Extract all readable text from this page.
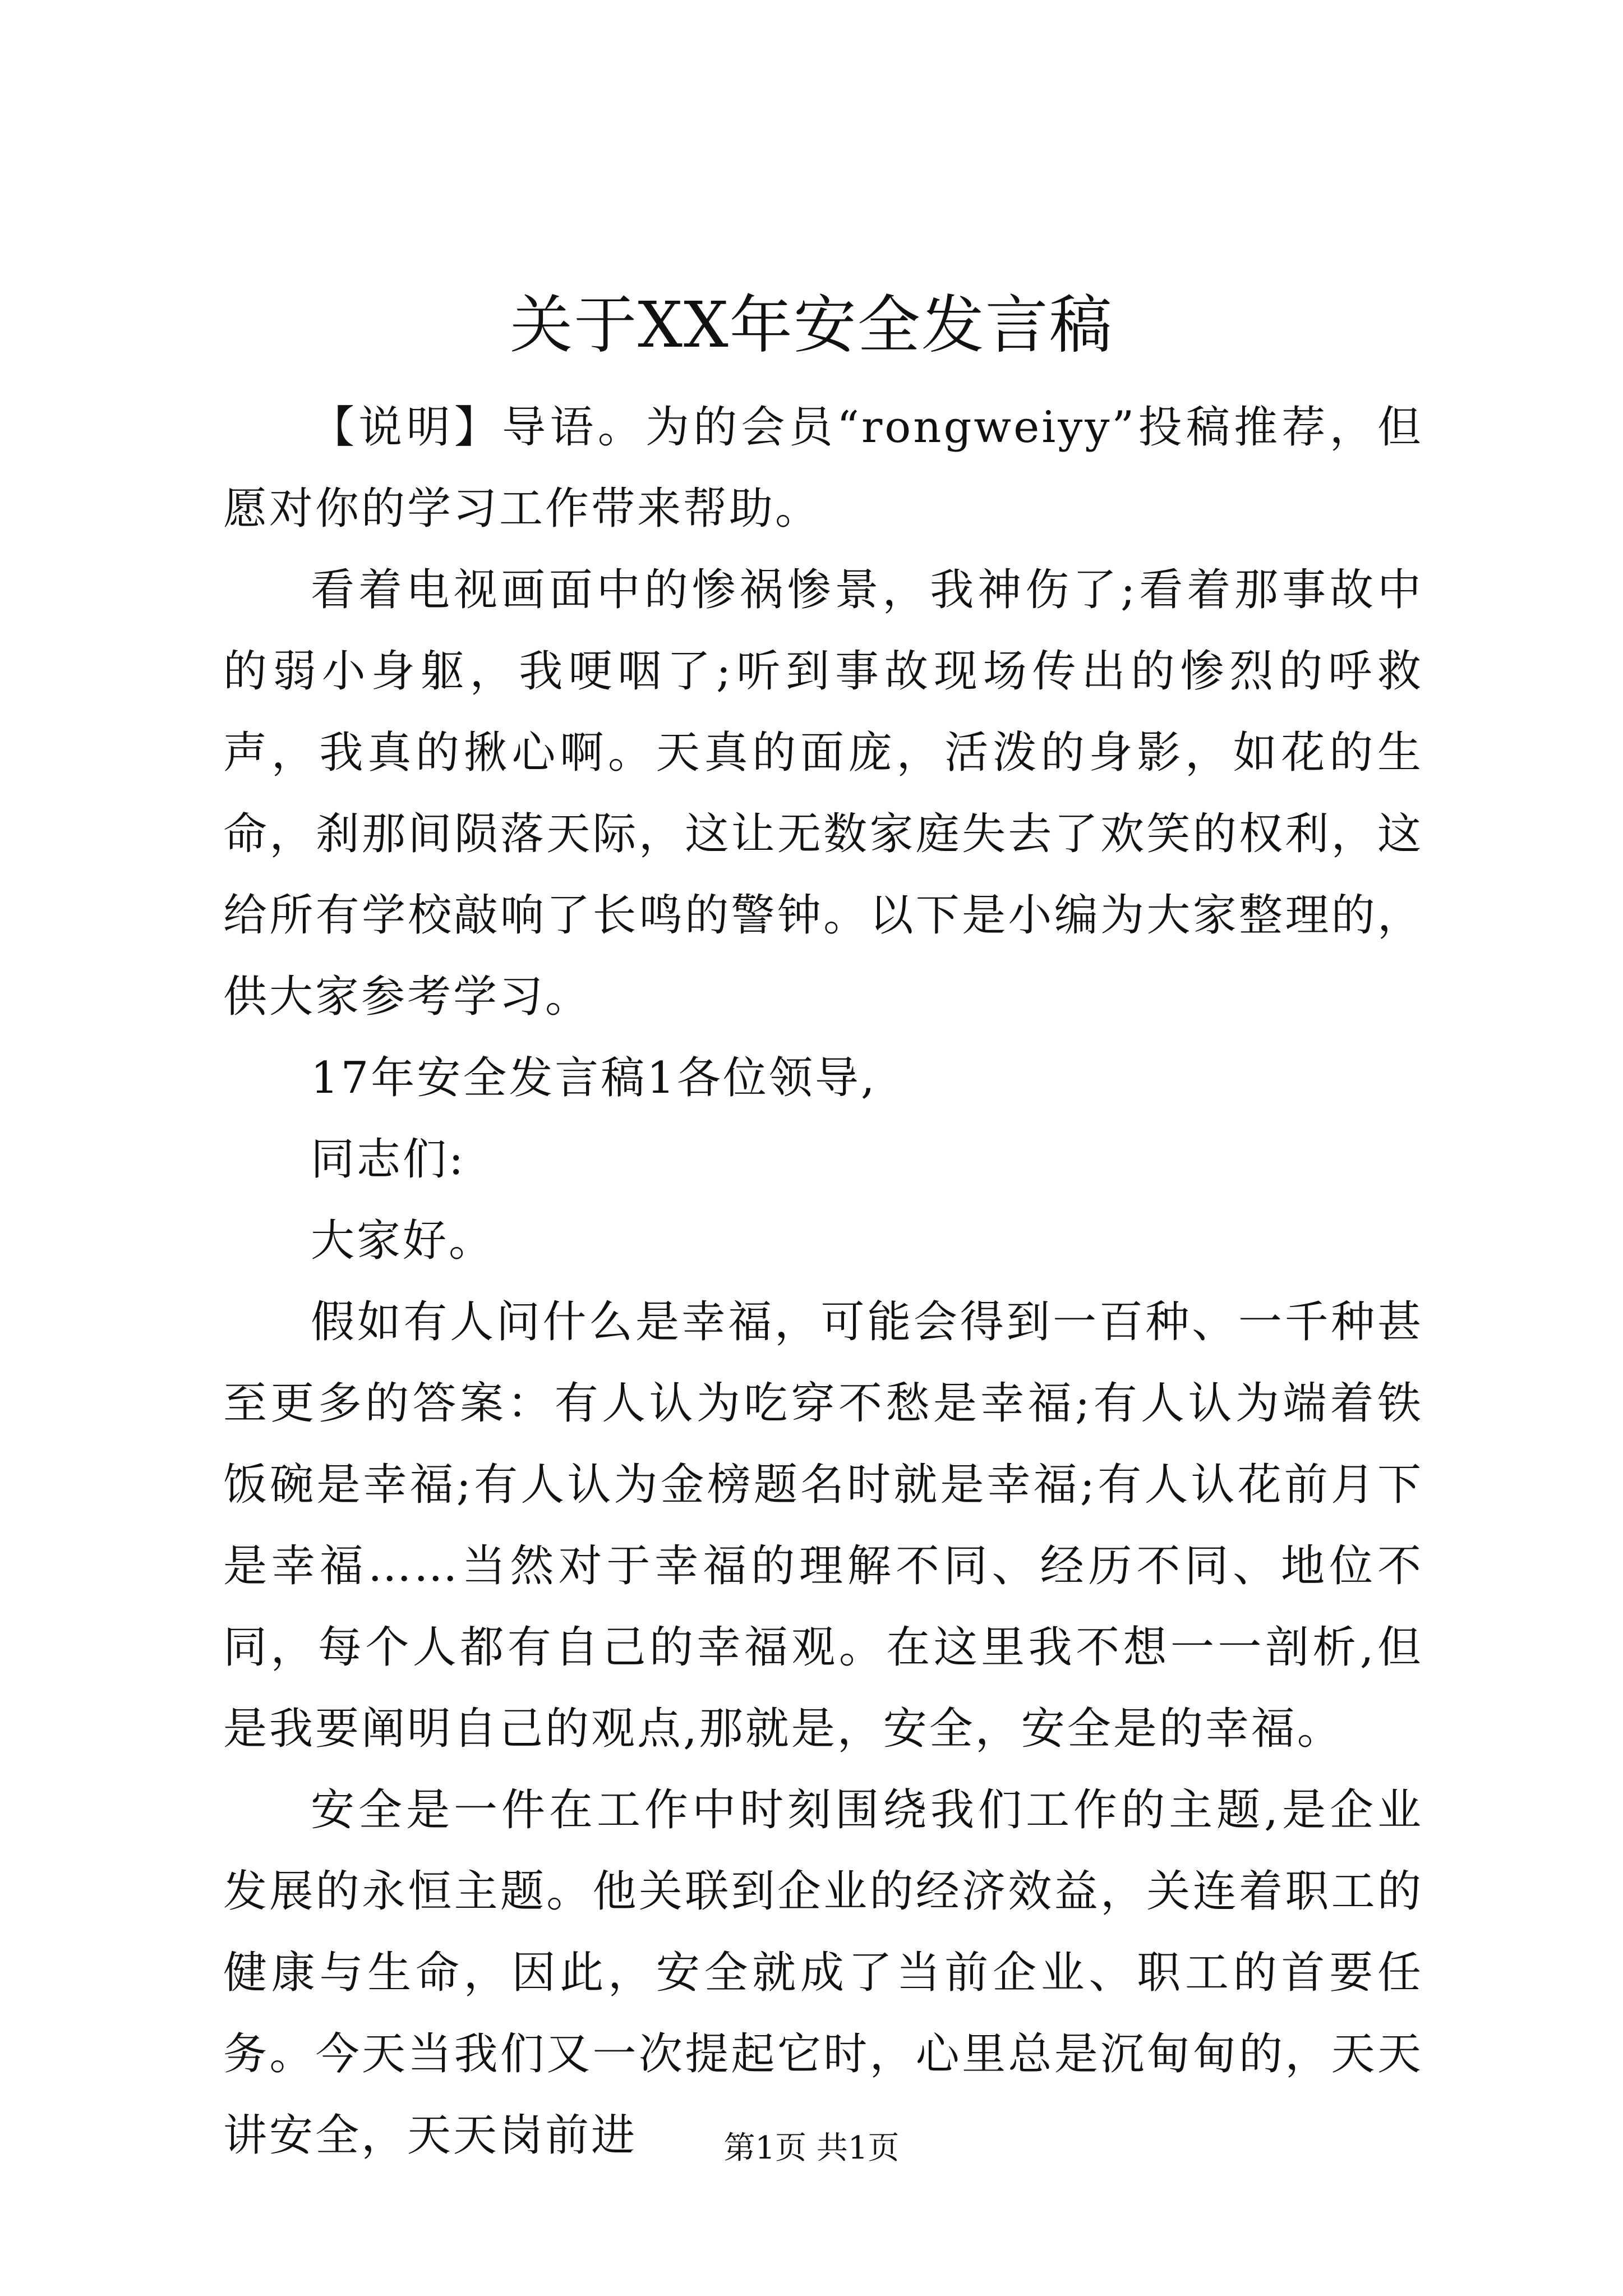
关于XX年安全发言稿

【说明】导语。为的会员“rongweiyy”投稿推荐，但愿对你的学习工作带来帮助。

看着电视画面中的惨祸惨景，我神伤了;看着那事故中的弱小身躯，我哽咽了;听到事故现场传出的惨烈的呼救声，我真的揪心啊。天真的面庞，活泼的身影，如花的生命，刹那间陨落天际，这让无数家庭失去了欢笑的权利，这给所有学校敲响了长鸣的警钟。以下是小编为大家整理的，供大家参考学习。

17年安全发言稿1各位领导,

同志们:

大家好。

假如有人问什么是幸福，可能会得到一百种、一千种甚至更多的答案：有人认为吃穿不愁是幸福;有人认为端着铁饭碗是幸福;有人认为金榜题名时就是幸福;有人认花前月下是幸福……当然对于幸福的理解不同、经历不同、地位不同，每个人都有自己的幸福观。在这里我不想一一剖析,但是我要阐明自己的观点,那就是，安全，安全是的幸福。

安全是一件在工作中时刻围绕我们工作的主题,是企业发展的永恒主题。他关联到企业的经济效益，关连着职工的健康与生命，因此，安全就成了当前企业、职工的首要任务。今天当我们又一次提起它时，心里总是沉甸甸的，天天讲安全，天天岗前进	第1页 共1页
